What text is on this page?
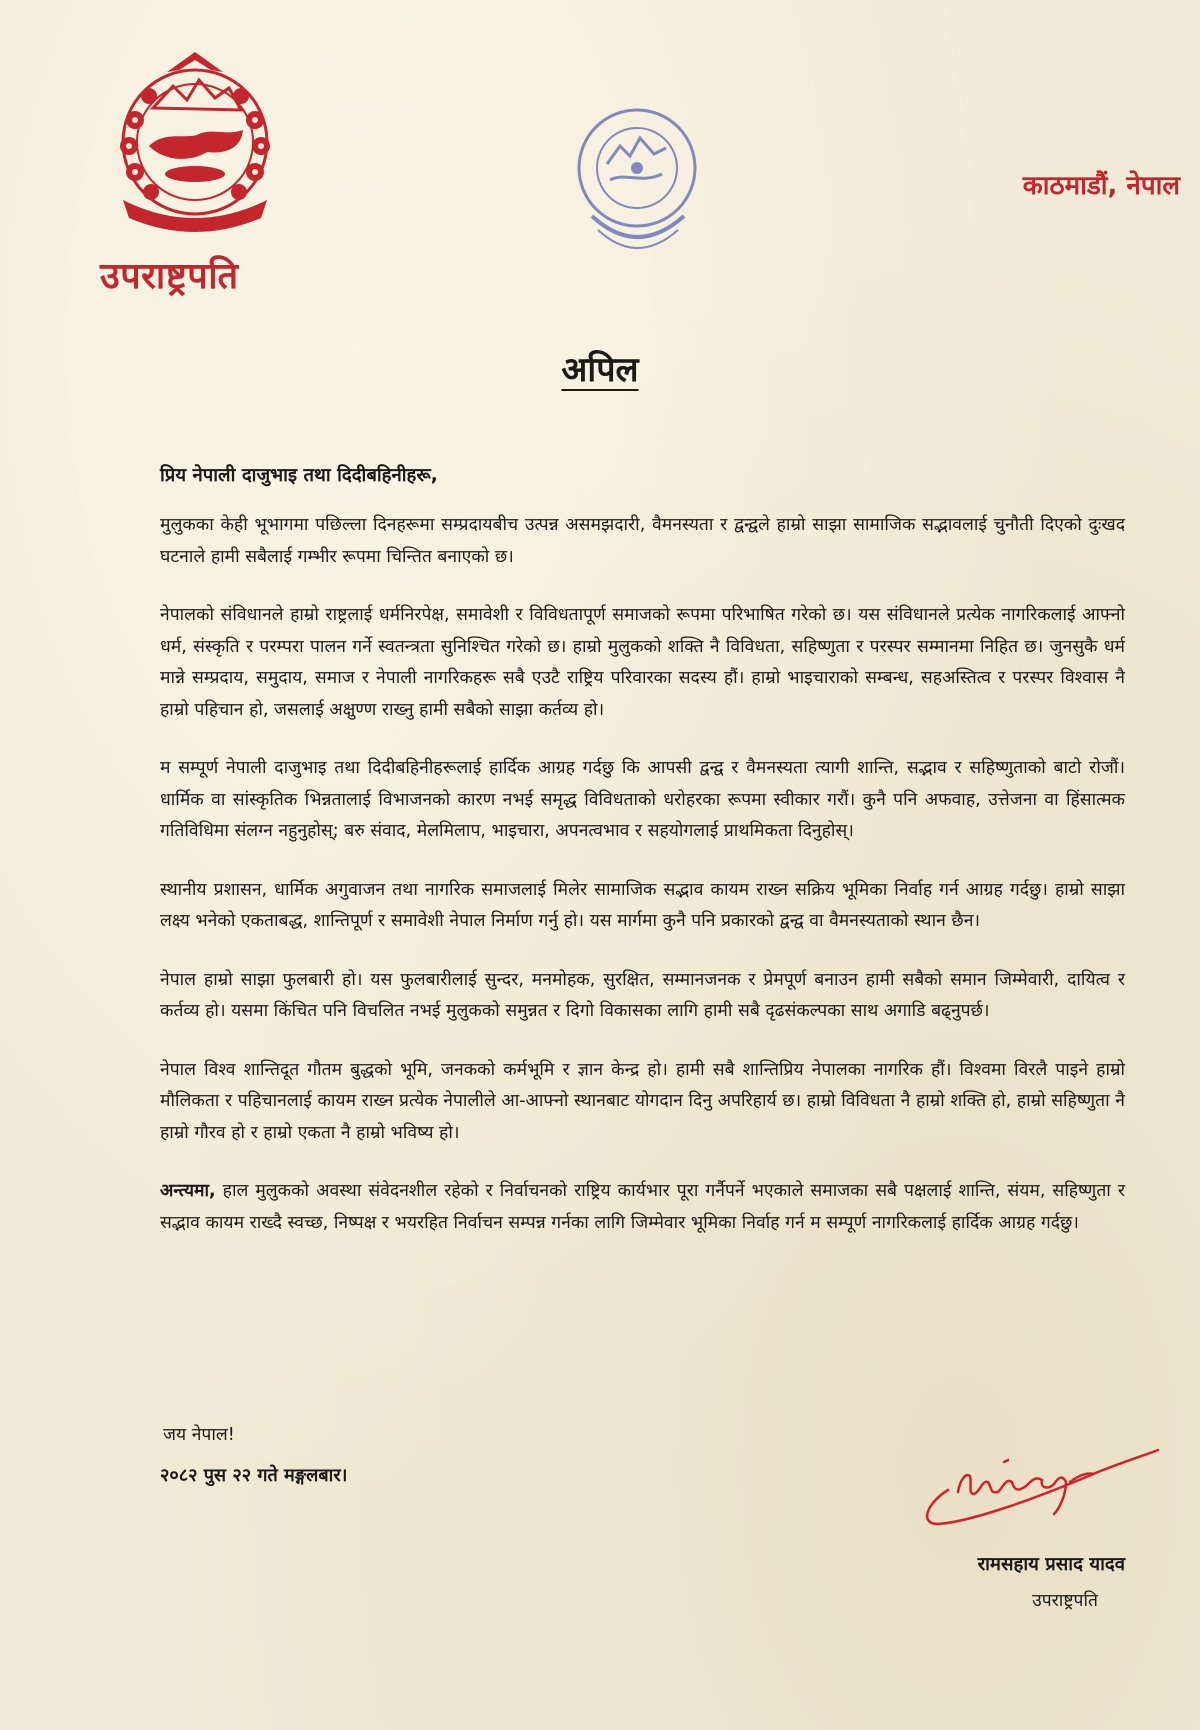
उपराष्ट्रपति
काठमाडौं, नेपाल
अपिल
प्रिय नेपाली दाजुभाइ तथा दिदीबहिनीहरू,

मुलुकका केही भूभागमा पछिल्ला दिनहरूमा सम्प्रदायबीच उत्पन्न असमझदारी, वैमनस्यता र द्वन्द्वले हाम्रो साझा सामाजिक सद्भावलाई चुनौती दिएको दुःखद घटनाले हामी सबैलाई गम्भीर रूपमा चिन्तित बनाएको छ।

नेपालको संविधानले हाम्रो राष्ट्रलाई धर्मनिरपेक्ष, समावेशी र विविधतापूर्ण समाजको रूपमा परिभाषित गरेको छ। यस संविधानले प्रत्येक नागरिकलाई आफ्नो धर्म, संस्कृति र परम्परा पालन गर्ने स्वतन्त्रता सुनिश्चित गरेको छ। हाम्रो मुलुकको शक्ति नै विविधता, सहिष्णुता र परस्पर सम्मानमा निहित छ। जुनसुकै धर्म मान्ने सम्प्रदाय, समुदाय, समाज र नेपाली नागरिकहरू सबै एउटै राष्ट्रिय परिवारका सदस्य हौं। हाम्रो भाइचाराको सम्बन्ध, सहअस्तित्व र परस्पर विश्वास नै हाम्रो पहिचान हो, जसलाई अक्षुण्ण राख्नु हामी सबैको साझा कर्तव्य हो।

म सम्पूर्ण नेपाली दाजुभाइ तथा दिदीबहिनीहरूलाई हार्दिक आग्रह गर्दछु कि आपसी द्वन्द्व र वैमनस्यता त्यागी शान्ति, सद्भाव र सहिष्णुताको बाटो रोजौं। धार्मिक वा सांस्कृतिक भिन्नतालाई विभाजनको कारण नभई समृद्ध विविधताको धरोहरका रूपमा स्वीकार गरौं। कुनै पनि अफवाह, उत्तेजना वा हिंसात्मक गतिविधिमा संलग्न नहुनुहोस्; बरु संवाद, मेलमिलाप, भाइचारा, अपनत्वभाव र सहयोगलाई प्राथमिकता दिनुहोस्।

स्थानीय प्रशासन, धार्मिक अगुवाजन तथा नागरिक समाजलाई मिलेर सामाजिक सद्भाव कायम राख्न सक्रिय भूमिका निर्वाह गर्न आग्रह गर्दछु। हाम्रो साझा लक्ष्य भनेको एकताबद्ध, शान्तिपूर्ण र समावेशी नेपाल निर्माण गर्नु हो। यस मार्गमा कुनै पनि प्रकारको द्वन्द्व वा वैमनस्यताको स्थान छैन।

नेपाल हाम्रो साझा फुलबारी हो। यस फुलबारीलाई सुन्दर, मनमोहक, सुरक्षित, सम्मानजनक र प्रेमपूर्ण बनाउन हामी सबैको समान जिम्मेवारी, दायित्व र कर्तव्य हो। यसमा किंचित पनि विचलित नभई मुलुकको समुन्नत र दिगो विकासका लागि हामी सबै दृढसंकल्पका साथ अगाडि बढ्नुपर्छ।

नेपाल विश्व शान्तिदूत गौतम बुद्धको भूमि, जनकको कर्मभूमि र ज्ञान केन्द्र हो। हामी सबै शान्तिप्रिय नेपालका नागरिक हौं। विश्वमा विरलै पाइने हाम्रो मौलिकता र पहिचानलाई कायम राख्न प्रत्येक नेपालीले आ-आफ्नो स्थानबाट योगदान दिनु अपरिहार्य छ। हाम्रो विविधता नै हाम्रो शक्ति हो, हाम्रो सहिष्णुता नै हाम्रो गौरव हो र हाम्रो एकता नै हाम्रो भविष्य हो।

अन्त्यमा, हाल मुलुकको अवस्था संवेदनशील रहेको र निर्वाचनको राष्ट्रिय कार्यभार पूरा गर्नैपर्ने भएकाले समाजका सबै पक्षलाई शान्ति, संयम, सहिष्णुता र सद्भाव कायम राख्दै स्वच्छ, निष्पक्ष र भयरहित निर्वाचन सम्पन्न गर्नका लागि जिम्मेवार भूमिका निर्वाह गर्न म सम्पूर्ण नागरिकलाई हार्दिक आग्रह गर्दछु।

जय नेपाल!
२०८२ पुस २२ गते मङ्गलबार।
रामसहाय प्रसाद यादव
उपराष्ट्रपति
